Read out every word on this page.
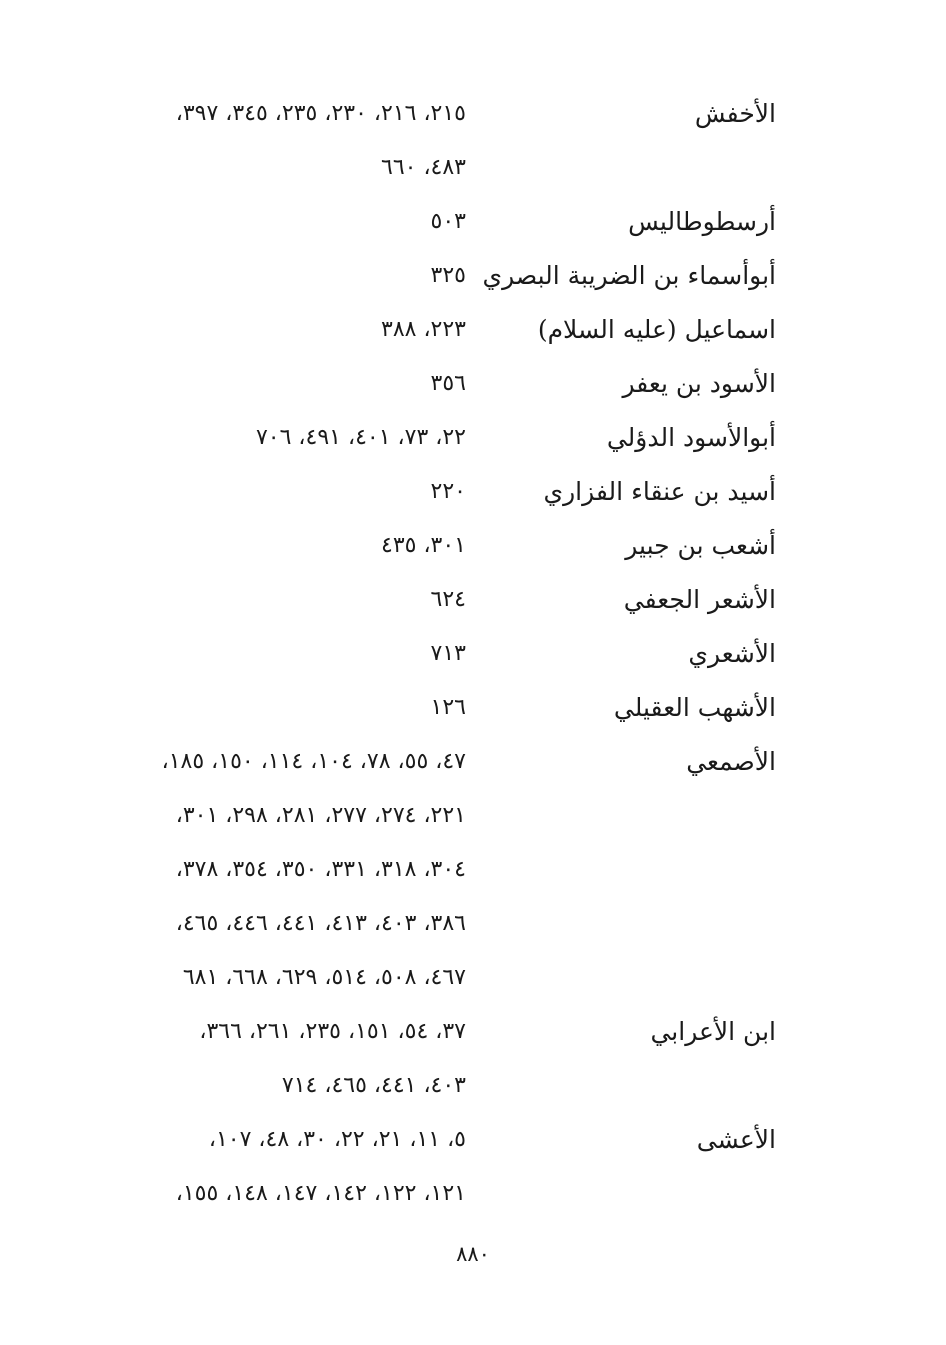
الأخفش
٢١٥، ٢١٦، ٢٣٠، ٢٣٥، ٣٤٥، ٣٩٧،
٤٨٣، ٦٦٠
أرسطوطاليس
٥٠٣
أبوأسماء بن الضريبة البصري
٣٢٥
اسماعيل (عليه السلام)
٢٢٣، ٣٨٨
الأسود بن يعفر
٣٥٦
أبوالأسود الدؤلي
٢٢، ٧٣، ٤٠١، ٤٩١، ٧٠٦
أسيد بن عنقاء الفزاري
٢٢٠
أشعب بن جبير
٣٠١، ٤٣٥
الأشعر الجعفي
٦٢٤
الأشعري
٧١٣
الأشهب العقيلي
١٢٦
الأصمعي
٤٧، ٥٥، ٧٨، ١٠٤، ١١٤، ١٥٠، ١٨٥،
٢٢١، ٢٧٤، ٢٧٧، ٢٨١، ٢٩٨، ٣٠١،
٣٠٤، ٣١٨، ٣٣١، ٣٥٠، ٣٥٤، ٣٧٨،
٣٨٦، ٤٠٣، ٤١٣، ٤٤١، ٤٤٦، ٤٦٥،
٤٦٧، ٥٠٨، ٥١٤، ٦٢٩، ٦٦٨، ٦٨١
ابن الأعرابي
٣٧، ٥٤، ١٥١، ٢٣٥، ٢٦١، ٣٦٦،
٤٠٣، ٤٤١، ٤٦٥، ٧١٤
الأعشى
٥، ١١، ٢١، ٢٢، ٣٠، ٤٨، ١٠٧،
١٢١، ١٢٢، ١٤٢، ١٤٧، ١٤٨، ١٥٥،
٨٨٠
